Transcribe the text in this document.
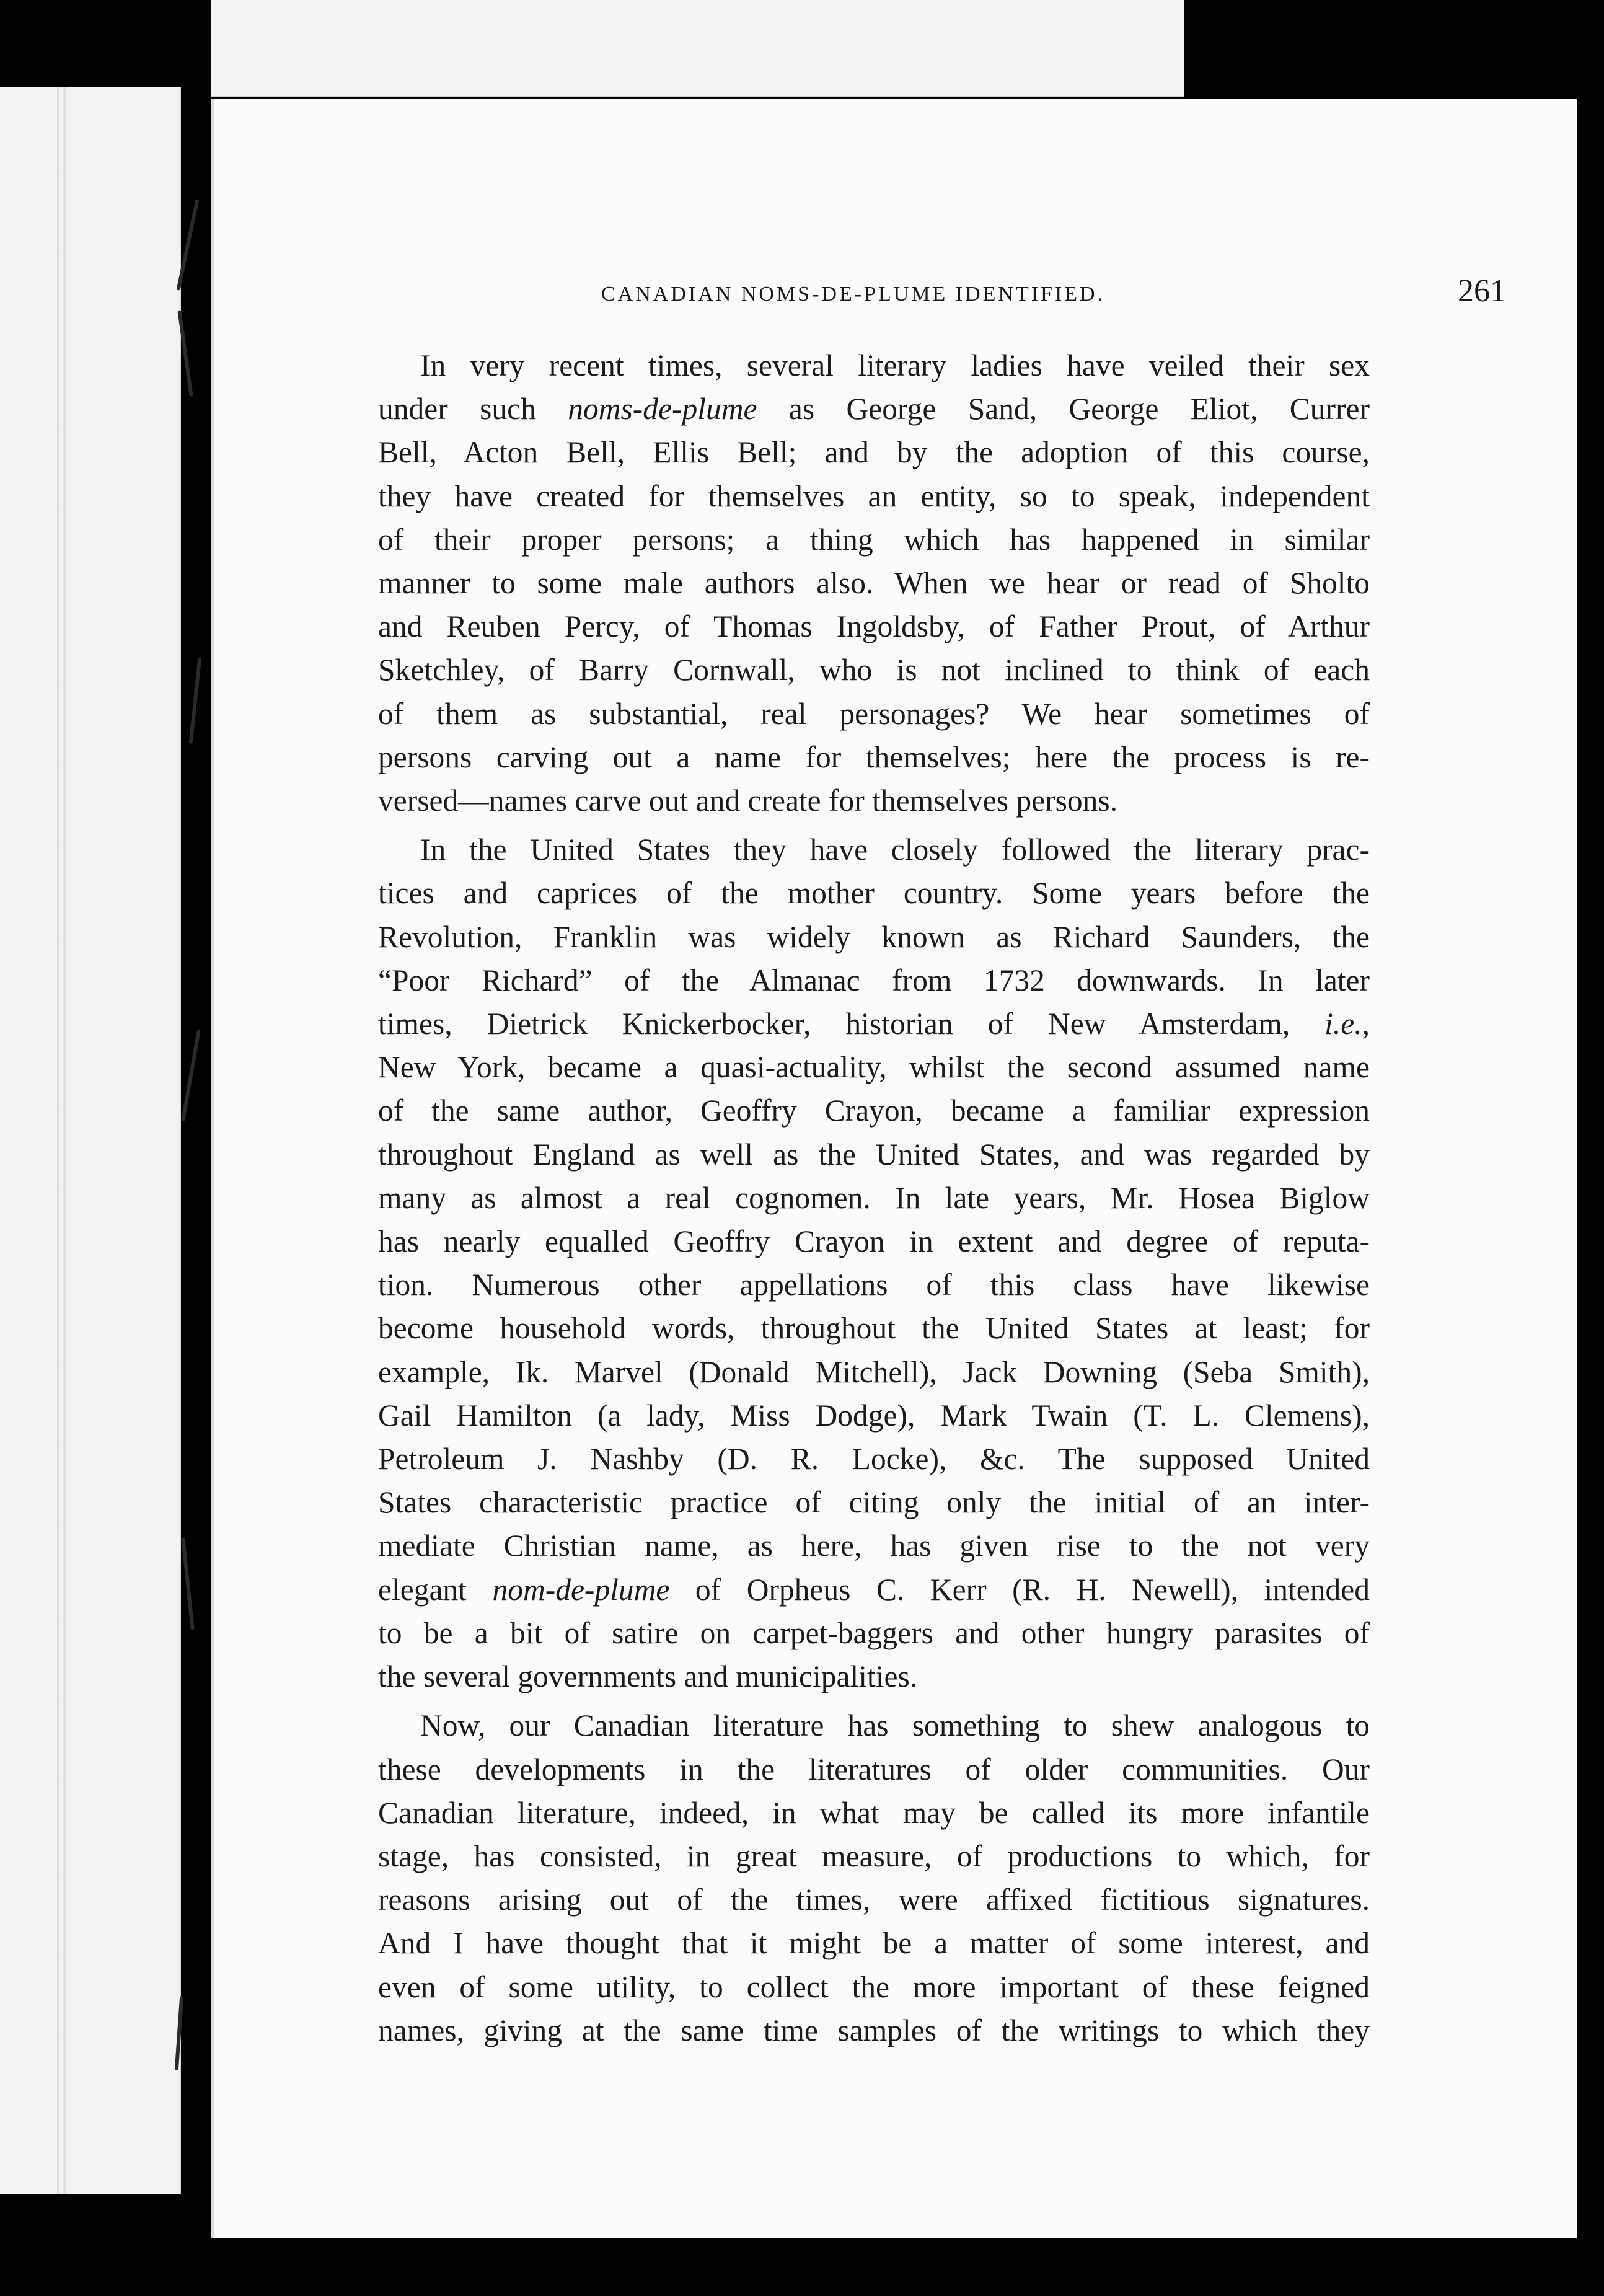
CANADIAN NOMS-DE-PLUME IDENTIFIED.	261
In very recent times, several literary ladies have veiled their sex
under such noms-de-plume as George Sand, George Eliot, Currer
Bell, Acton Bell, Ellis Bell; and by the adoption of this course,
they have created for themselves an entity, so to speak, independent
of their proper persons; a thing which has happened in similar
manner to some male authors also. When we hear or read of Sholto
and Reuben Percy, of Thomas Ingoldsby, of Father Prout, of Arthur
Sketchley, of Barry Cornwall, who is not inclined to think of each
of them as substantial, real personages? We hear sometimes of
persons carving out a name for themselves; here the process is re-
versed—names carve out and create for themselves persons.
In the United States they have closely followed the literary prac-
tices and caprices of the mother country. Some years before the
Revolution, Franklin was widely known as Richard Saunders, the
“Poor Richard” of the Almanac from 1732 downwards. In later
times, Dietrick Knickerbocker, historian of New Amsterdam, i.e.,
New York, became a quasi-actuality, whilst the second assumed name
of the same author, Geoffry Crayon, became a familiar expression
throughout England as well as the United States, and was regarded by
many as almost a real cognomen. In late years, Mr. Hosea Biglow
has nearly equalled Geoffry Crayon in extent and degree of reputa-
tion. Numerous other appellations of this class have likewise
become household words, throughout the United States at least; for
example, Ik. Marvel (Donald Mitchell), Jack Downing (Seba Smith),
Gail Hamilton (a lady, Miss Dodge), Mark Twain (T. L. Clemens),
Petroleum J. Nashby (D. R. Locke), &c. The supposed United
States characteristic practice of citing only the initial of an inter-
mediate Christian name, as here, has given rise to the not very
elegant nom-de-plume of Orpheus C. Kerr (R. H. Newell), intended
to be a bit of satire on carpet-baggers and other hungry parasites of
the several governments and municipalities.
Now, our Canadian literature has something to shew analogous to
these developments in the literatures of older communities. Our
Canadian literature, indeed, in what may be called its more infantile
stage, has consisted, in great measure, of productions to which, for
reasons arising out of the times, were affixed fictitious signatures.
And I have thought that it might be a matter of some interest, and
even of some utility, to collect the more important of these feigned
names, giving at the same time samples of the writings to which they
